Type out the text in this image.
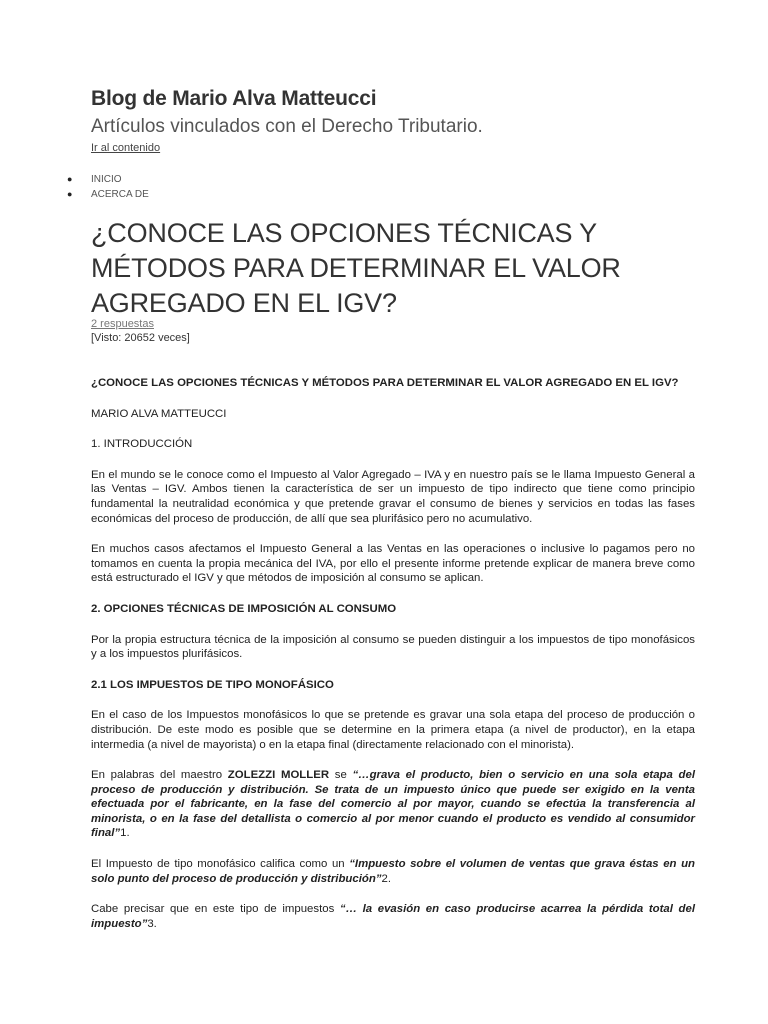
Blog de Mario Alva Matteucci
Artículos vinculados con el Derecho Tributario.
Ir al contenido
● INICIO
● ACERCA DE
¿CONOCE LAS OPCIONES TÉCNICAS Y MÉTODOS PARA DETERMINAR EL VALOR AGREGADO EN EL IGV?
2 respuestas
[Visto: 20652 veces]

¿CONOCE LAS OPCIONES TÉCNICAS Y MÉTODOS PARA DETERMINAR EL VALOR AGREGADO EN EL IGV?

MARIO ALVA MATTEUCCI

1. INTRODUCCIÓN

En el mundo se le conoce como el Impuesto al Valor Agregado – IVA y en nuestro país se le llama Impuesto General a las Ventas – IGV. Ambos tienen la característica de ser un impuesto de tipo indirecto que tiene como principio fundamental la neutralidad económica y que pretende gravar el consumo de bienes y servicios en todas las fases económicas del proceso de producción, de allí que sea plurifásico pero no acumulativo.

En muchos casos afectamos el Impuesto General a las Ventas en las operaciones o inclusive lo pagamos pero no tomamos en cuenta la propia mecánica del IVA, por ello el presente informe pretende explicar de manera breve como está estructurado el IGV y que métodos de imposición al consumo se aplican.

2. OPCIONES TÉCNICAS DE IMPOSICIÓN AL CONSUMO

Por la propia estructura técnica de la imposición al consumo se pueden distinguir a los impuestos de tipo monofásicos y a los impuestos plurifásicos.

2.1 LOS IMPUESTOS DE TIPO MONOFÁSICO

En el caso de los Impuestos monofásicos lo que se pretende es gravar una sola etapa del proceso de producción o distribución. De este modo es posible que se determine en la primera etapa (a nivel de productor), en la etapa intermedia (a nivel de mayorista) o en la etapa final (directamente relacionado con el minorista).

En palabras del maestro ZOLEZZI MOLLER se “…grava el producto, bien o servicio en una sola etapa del proceso de producción y distribución. Se trata de un impuesto único que puede ser exigido en la venta efectuada por el fabricante, en la fase del comercio al por mayor, cuando se efectúa la transferencia al minorista, o en la fase del detallista o comercio al por menor cuando el producto es vendido al consumidor final”1.

El Impuesto de tipo monofásico califica como un “Impuesto sobre el volumen de ventas que grava éstas en un solo punto del proceso de producción y distribución”2.

Cabe precisar que en este tipo de impuestos “… la evasión en caso producirse acarrea la pérdida total del impuesto”3.
